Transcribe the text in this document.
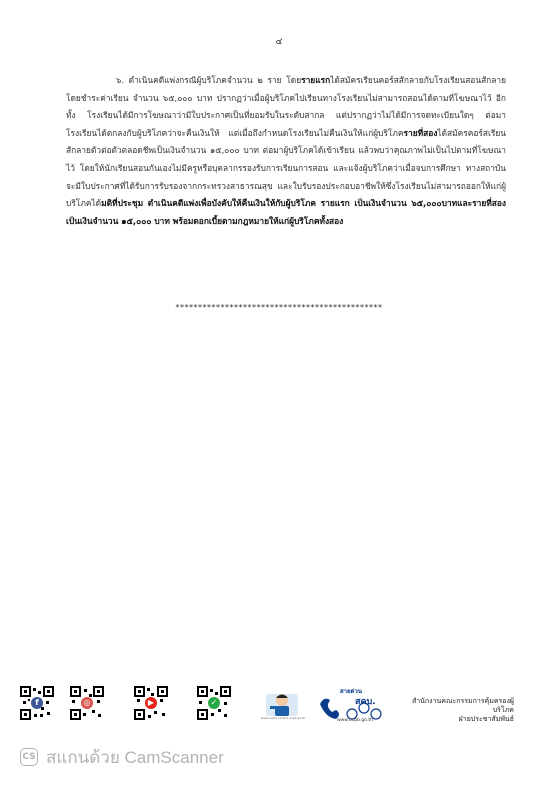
๔
๖. ดำเนินคดีแพ่งกรณีผู้บริโภคจำนวน ๒ ราย โดยรายแรกได้สมัครเรียนคอร์สสักลายกับโรงเรียนสอนสักลายโดยชำระค่าเรียน จำนวน ๖๕,๐๐๐ บาท ปรากฏว่าเมื่อผู้บริโภคไปเรียนทางโรงเรียนไม่สามารถสอนได้ตามที่โฆษณาไว้ อีกทั้ง โรงเรียนได้มีการโฆษณาว่ามีใบประกาศเป็นที่ยอมรับในระดับสากล แต่ปรากฏว่าไม่ได้มีการจดทะเบียนใดๆ ต่อมาโรงเรียนได้ตกลงกับผู้บริโภคว่าจะคืนเงินให้ แต่เมื่อถึงกำหนดโรงเรียนไม่คืนเงินให้แก่ผู้บริโภครายที่สองได้สมัครคอร์สเรียนสักลายตัวต่อตัวตลอดชีพเป็นเงินจำนวน ๑๕,๐๐๐ บาท ต่อมาผู้บริโภคได้เข้าเรียน แล้วพบว่าคุณภาพไม่เป็นไปตามที่โฆษณาไว้ โดยให้นักเรียนสอนกันเองไม่มีครูหรือบุคลากรรองรับการเรียนการสอน และแจ้งผู้บริโภคว่าเมื่อจบการศึกษา ทางสถาบันจะมีใบประกาศที่ได้รับการรับรองจากกระทรวงสาธารณสุข และใบรับรองประกอบอาชีพให้ซึ่งโรงเรียนไม่สามารถออกให้แก่ผู้บริโภคได้มติที่ประชุม ดำเนินคดีแพ่งเพื่อบังคับให้คืนเงินให้กับผู้บริโภค รายแรก เป็นเงินจำนวน ๖๕,๐๐๐บาทและรายที่สอง เป็นเงินจำนวน ๑๕,๐๐๐ บาท พร้อมดอกเบี้ยตามกฎหมายให้แก่ผู้บริโภคทั้งสอง
**********************************************
f	◎	▶	✓
www.ocpbconnect.ocpb.go.th
สายด่วน
สคบ.
www.ocpb.go.th
สำนักงานคณะกรรมการคุ้มครองผู้บริโภค
ฝ่ายประชาสัมพันธ์
CS สแกนด้วย CamScanner
